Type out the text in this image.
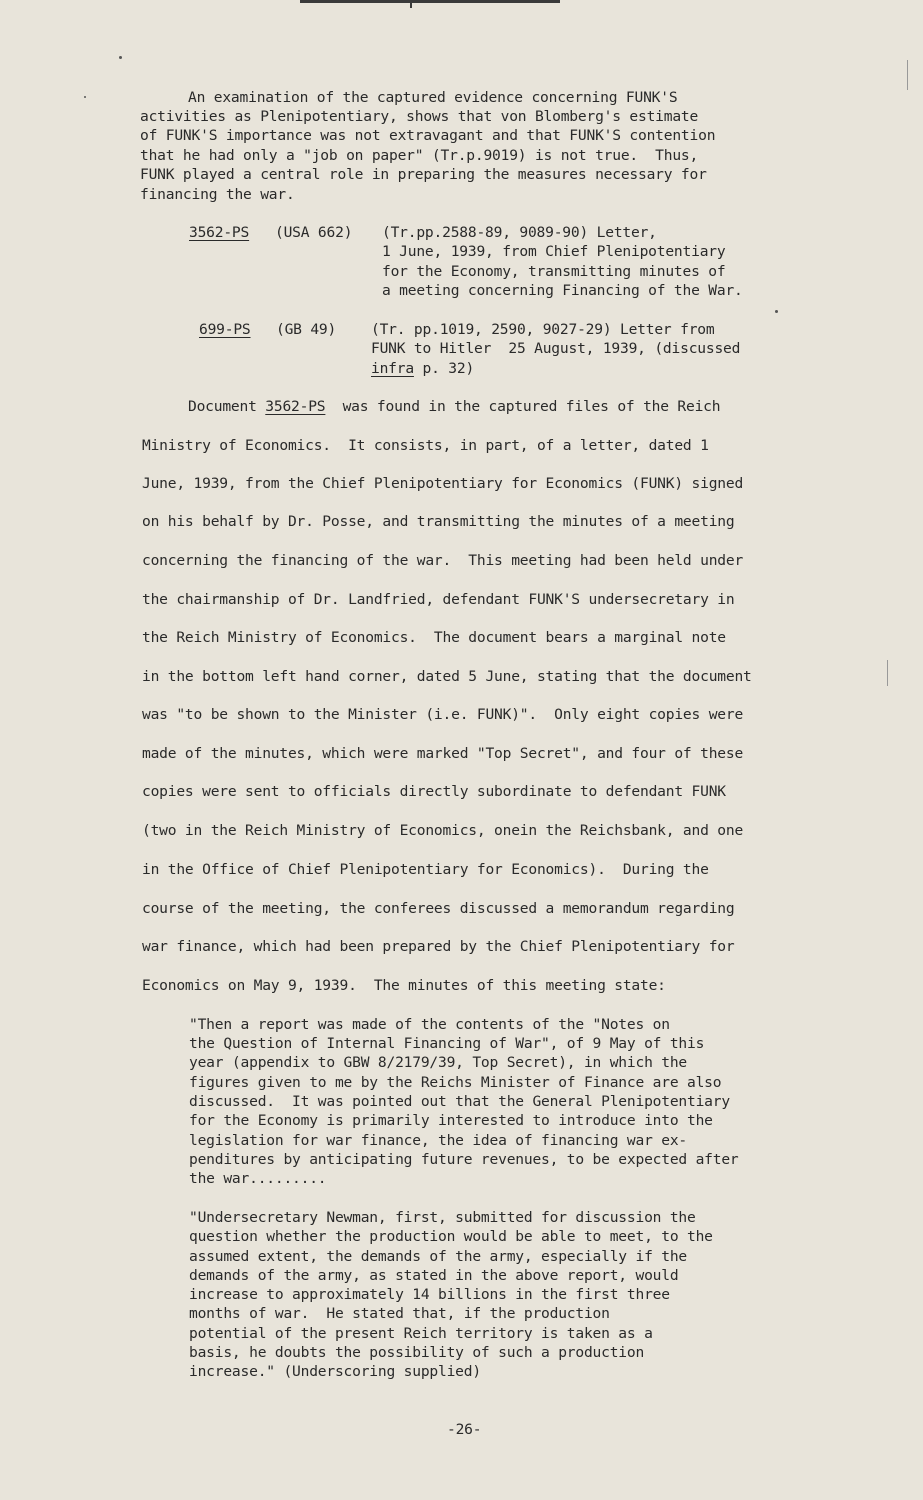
An examination of the captured evidence concerning FUNK'S
activities as Plenipotentiary, shows that von Blomberg's estimate
of FUNK'S importance was not extravagant and that FUNK'S contention
that he had only a "job on paper" (Tr.p.9019) is not true.  Thus,
FUNK played a central role in preparing the measures necessary for
financing the war.
3562-PS (USA 662) (Tr.pp.2588-89, 9089-90) Letter,
1 June, 1939, from Chief Plenipotentiary
for the Economy, transmitting minutes of
a meeting concerning Financing of the War.
699-PS (GB 49) (Tr. pp.1019, 2590, 9027-29) Letter from
FUNK to Hitler  25 August, 1939, (discussed
infra p. 32)
Document 3562-PS  was found in the captured files of the Reich
Ministry of Economics.  It consists, in part, of a letter, dated 1
June, 1939, from the Chief Plenipotentiary for Economics (FUNK) signed
on his behalf by Dr. Posse, and transmitting the minutes of a meeting
concerning the financing of the war.  This meeting had been held under
the chairmanship of Dr. Landfried, defendant FUNK'S undersecretary in
the Reich Ministry of Economics.  The document bears a marginal note
in the bottom left hand corner, dated 5 June, stating that the document
was "to be shown to the Minister (i.e. FUNK)".  Only eight copies were
made of the minutes, which were marked "Top Secret", and four of these
copies were sent to officials directly subordinate to defendant FUNK
(two in the Reich Ministry of Economics, onein the Reichsbank, and one
in the Office of Chief Plenipotentiary for Economics).  During the
course of the meeting, the conferees discussed a memorandum regarding
war finance, which had been prepared by the Chief Plenipotentiary for
Economics on May 9, 1939.  The minutes of this meeting state:
"Then a report was made of the contents of the "Notes on
the Question of Internal Financing of War", of 9 May of this
year (appendix to GBW 8/2179/39, Top Secret), in which the
figures given to me by the Reichs Minister of Finance are also
discussed.  It was pointed out that the General Plenipotentiary
for the Economy is primarily interested to introduce into the
legislation for war finance, the idea of financing war ex-
penditures by anticipating future revenues, to be expected after
the war.........
"Undersecretary Newman, first, submitted for discussion the
question whether the production would be able to meet, to the
assumed extent, the demands of the army, especially if the
demands of the army, as stated in the above report, would
increase to approximately 14 billions in the first three
months of war.  He stated that, if the production
potential of the present Reich territory is taken as a
basis, he doubts the possibility of such a production
increase." (Underscoring supplied)
-26-
